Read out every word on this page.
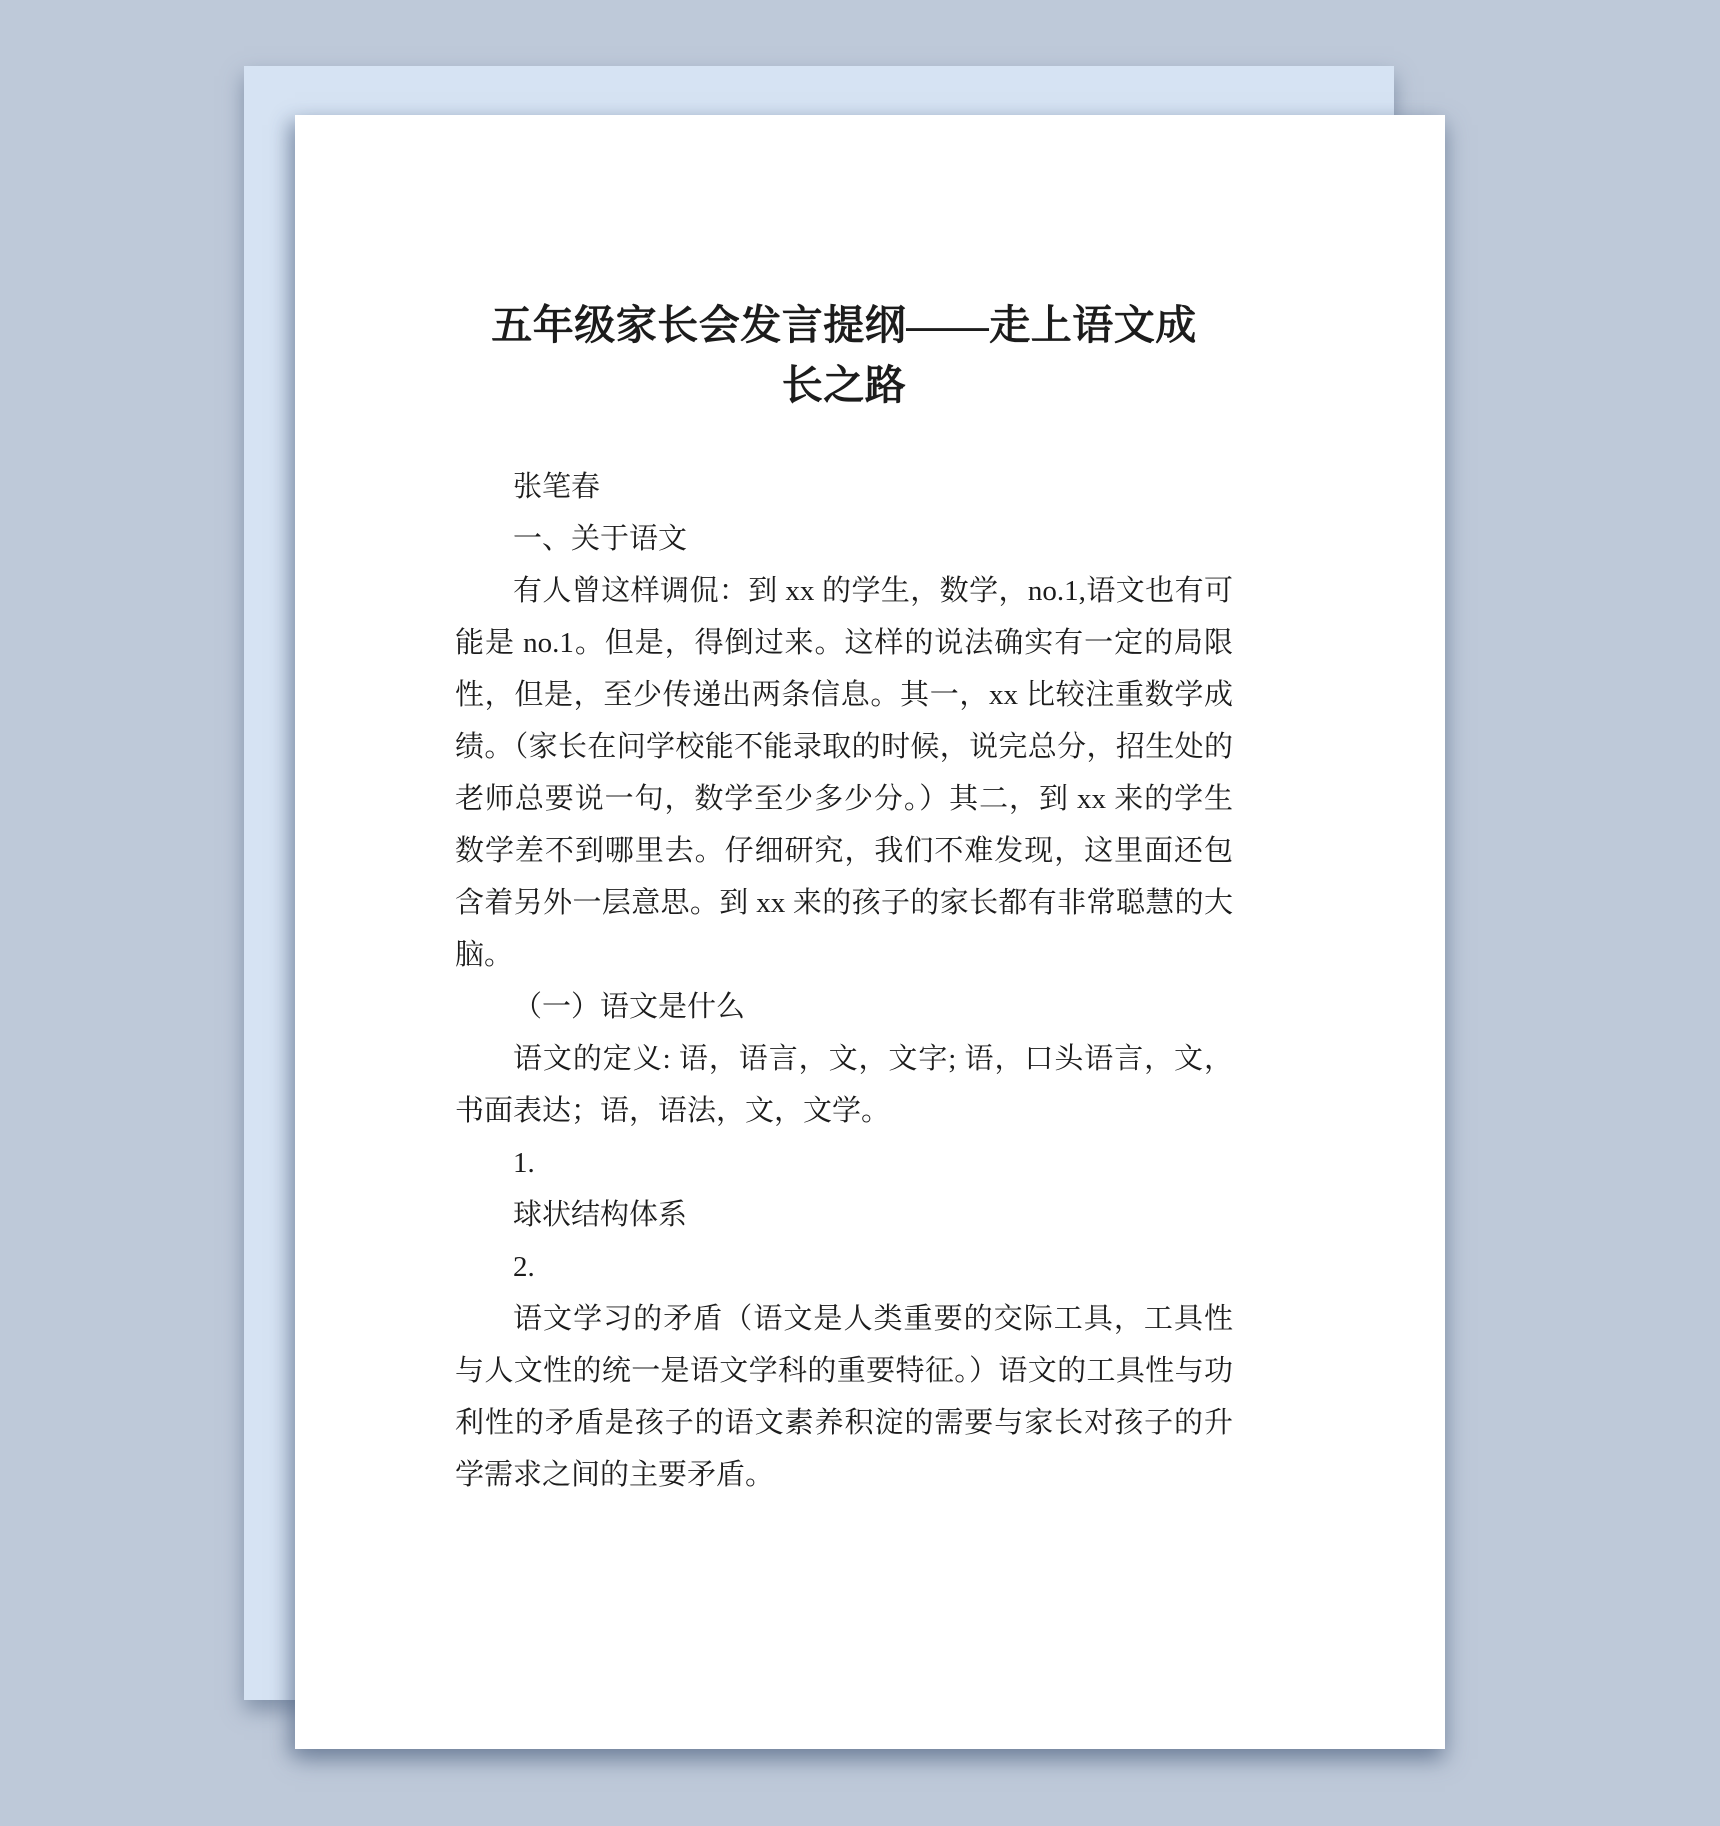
五年级家长会发言提纲——走上语文成长之路

张笔春

一、关于语文

有人曾这样调侃：到 xx 的学生，数学，no.1,语文也有可能是 no.1。但是，得倒过来。这样的说法确实有一定的局限性，但是，至少传递出两条信息。其一，xx 比较注重数学成绩。（家长在问学校能不能录取的时候，说完总分，招生处的老师总要说一句，数学至少多少分。）其二，到 xx 来的学生数学差不到哪里去。仔细研究，我们不难发现，这里面还包含着另外一层意思。到 xx 来的孩子的家长都有非常聪慧的大脑。

（一）语文是什么

语文的定义: 语，语言，文，文字; 语，口头语言，文，书面表达；语，语法，文，文学。

1.

球状结构体系

2.

语文学习的矛盾（语文是人类重要的交际工具，工具性与人文性的统一是语文学科的重要特征。）语文的工具性与功利性的矛盾是孩子的语文素养积淀的需要与家长对孩子的升学需求之间的主要矛盾。
